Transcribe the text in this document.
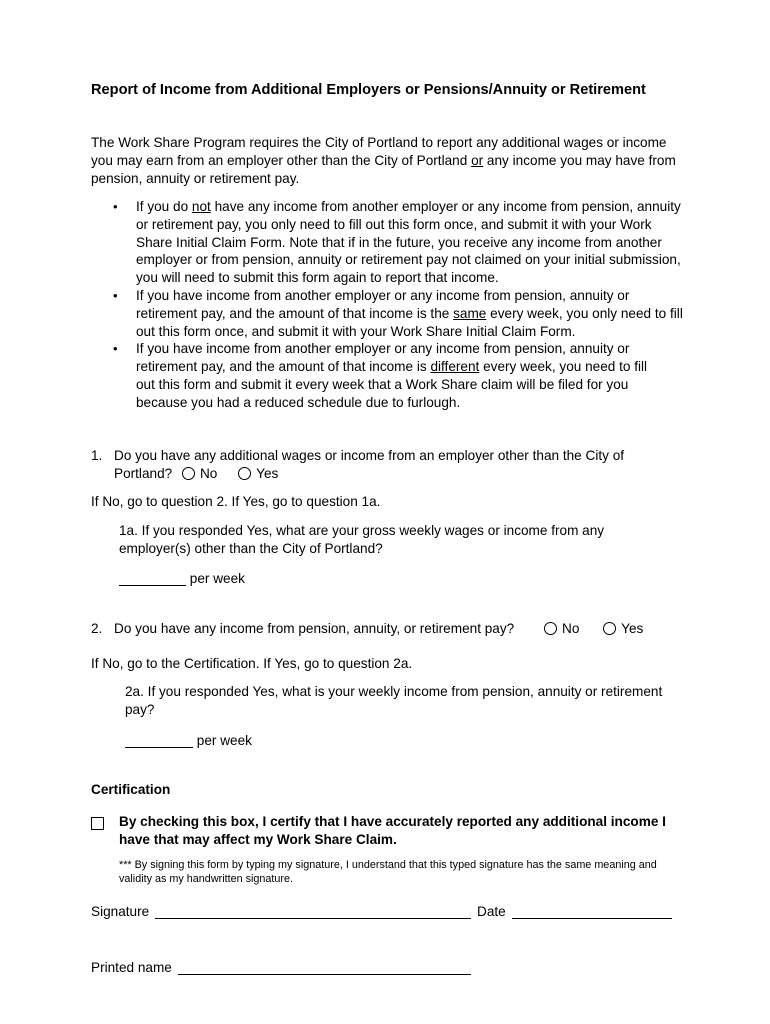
Report of Income from Additional Employers or Pensions/Annuity or Retirement
The Work Share Program requires the City of Portland to report any additional wages or income you may earn from an employer other than the City of Portland or any income you may have from pension, annuity or retirement pay.
• If you do not have any income from another employer or any income from pension, annuity or retirement pay, you only need to fill out this form once, and submit it with your Work Share Initial Claim Form. Note that if in the future, you receive any income from another employer or from pension, annuity or retirement pay not claimed on your initial submission, you will need to submit this form again to report that income.
• If you have income from another employer or any income from pension, annuity or retirement pay, and the amount of that income is the same every week, you only need to fill out this form once, and submit it with your Work Share Initial Claim Form.
• If you have income from another employer or any income from pension, annuity or retirement pay, and the amount of that income is different every week, you need to fill out this form and submit it every week that a Work Share claim will be filed for you because you had a reduced schedule due to furlough.
1. Do you have any additional wages or income from an employer other than the City of
Portland? No	Yes
If No, go to question 2. If Yes, go to question 1a.
1a. If you responded Yes, what are your gross weekly wages or income from any employer(s) other than the City of Portland?
per week
2. Do you have any income from pension, annuity, or retirement pay?	No	Yes
If No, go to the Certification. If Yes, go to question 2a.
2a. If you responded Yes, what is your weekly income from pension, annuity or retirement pay?
per week
Certification
By checking this box, I certify that I have accurately reported any additional income I have that may affect my Work Share Claim.
*** By signing this form by typing my signature, I understand that this typed signature has the same meaning and validity as my handwritten signature.
Signature	Date
Printed name
